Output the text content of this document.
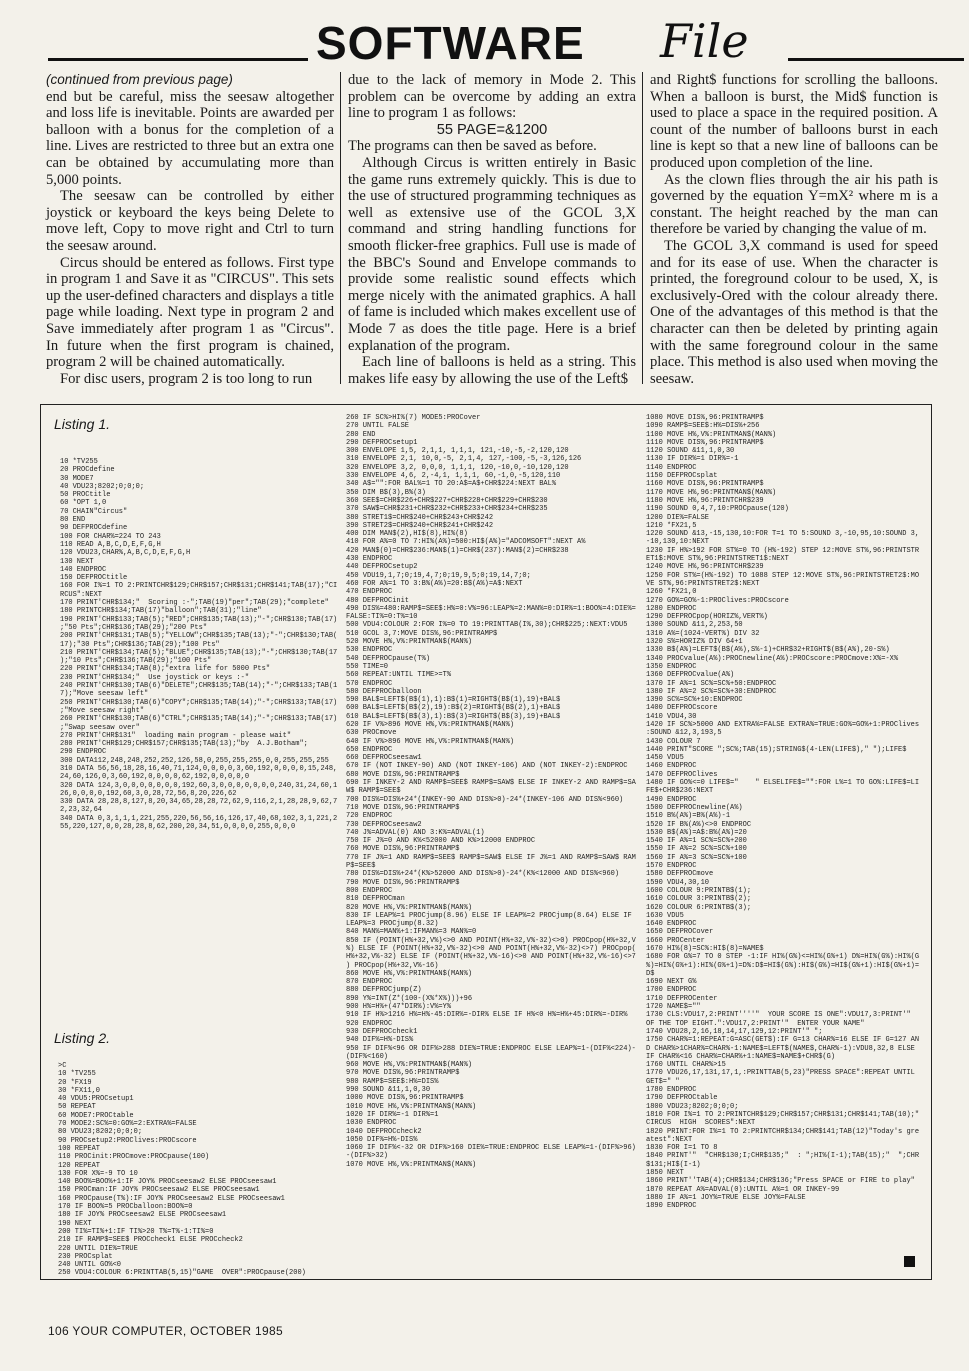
SOFTWARE File

(continued from previous page)

end but be careful, miss the seesaw altogether and loss life is inevitable. Points are awarded per balloon with a bonus for the completion of a line. Lives are restricted to three but an extra one can be obtained by accumulating more than 5,000 points.

The seesaw can be controlled by either joystick or keyboard the keys being Delete to move left, Copy to move right and Ctrl to turn the seesaw around.

Circus should be entered as follows. First type in program 1 and Save it as "CIRCUS". This sets up the user-defined characters and displays a title page while loading. Next type in program 2 and Save immediately after program 1 as "Circus". In future when the first program is chained, program 2 will be chained automatically.

For disc users, program 2 is too long to run

due to the lack of memory in Mode 2. This problem can be overcome by adding an extra line to program 1 as follows:

55 PAGE=&1200

The programs can then be saved as before.

Although Circus is written entirely in Basic the game runs extremely quickly. This is due to the use of structured programming techniques as well as extensive use of the GCOL 3,X command and string handling functions for smooth flicker-free graphics. Full use is made of the BBC's Sound and Envelope commands to provide some realistic sound effects which merge nicely with the animated graphics. A hall of fame is included which makes excellent use of Mode 7 as does the title page. Here is a brief explanation of the program.

Each line of balloons is held as a string. This makes life easy by allowing the use of the Left$

and Right$ functions for scrolling the balloons. When a balloon is burst, the Mid$ function is used to place a space in the required position. A count of the number of balloons burst in each line is kept so that a new line of balloons can be produced upon completion of the line.

As the clown flies through the air his path is governed by the equation Y=mX² where m is a constant. The height reached by the man can therefore be varied by changing the value of m.

The GCOL 3,X command is used for speed and for its ease of use. When the character is printed, the foreground colour to be used, X, is exclusively-Ored with the colour already there. One of the advantages of this method is that the character can then be deleted by printing again with the same foreground colour in the same place. This method is also used when moving the seesaw.

Listing 1.
10 *TV255
20 PROCdefine
30 MODE7
40 VDU23;8202;0;0;0;
50 PROCtitle
60 *OPT 1,0
70 CHAIN"Circus"
80 END
90 DEFPROCdefine
100 FOR CHAR%=224 TO 243
110 READ A,B,C,D,E,F,G,H
120 VDU23,CHAR%,A,B,C,D,E,F,G,H
130 NEXT
140 ENDPROC
150 DEFPROCtitle
160 FOR I%=1 TO 2:PRINTCHR$129;CHR$157;CHR$131;CHR$141;TAB(17);"CI
RCUS":NEXT
170 PRINT'CHR$134;"  Scoring :-";TAB(19)"per";TAB(29);"complete"
180 PRINTCHR$134;TAB(17)"balloon";TAB(31);"line"
190 PRINT'CHR$133;TAB(5);"RED";CHR$135;TAB(13);"-";CHR$130;TAB(17)
;"50 Pts";CHR$136;TAB(29);"200 Pts"
200 PRINT'CHR$131;TAB(5);"YELLOW";CHR$135;TAB(13);"-";CHR$130;TAB(
17);"30 Pts";CHR$136;TAB(29);"100 Pts"
210 PRINT'CHR$134;TAB(5);"BLUE";CHR$135;TAB(13);"-";CHR$130;TAB(17
);"10 Pts";CHR$136;TAB(29);"100 Pts"
220 PRINT'CHR$134;TAB(8);"extra life for 5000 Pts"
230 PRINT'CHR$134;"  Use joystick or keys :-"
240 PRINT'CHR$130;TAB(6)"DELETE";CHR$135;TAB(14);"-";CHR$133;TAB(1
7);"Move seesaw left"
250 PRINT'CHR$130;TAB(6)"COPY";CHR$135;TAB(14);"-";CHR$133;TAB(17)
;"Move seesaw right"
260 PRINT'CHR$130;TAB(6)"CTRL";CHR$135;TAB(14);"-";CHR$133;TAB(17)
;"Swap seesaw over"
270 PRINT'CHR$131"  loading main program - please wait"
280 PRINT'CHR$129;CHR$157;CHR$135;TAB(13);"by  A.J.Botham";
290 ENDPROC
300 DATA112,248,248,252,252,126,58,0,255,255,255,0,0,255,255,255
310 DATA 56,56,18,28,16,40,71,124,0,0,0,0,3,60,192,0,0,0,0,15,248,
24,60,126,0,3,60,192,0,0,0,0,62,192,0,0,0,0,0
320 DATA 124,3,0,0,0,0,0,0,0,192,60,3,0,0,0,0,0,0,0,240,31,24,60,1
26,0,0,0,0,192,60,3,0,28,72,56,8,20,226,62
330 DATA 28,28,8,127,8,20,34,65,28,28,72,62,9,116,2,1,28,28,9,62,7
2,23,32,64
340 DATA 0,3,1,1,1,221,255,220,56,56,16,126,17,40,68,102,3,1,221,2
55,220,127,0,0,28,28,8,62,200,20,34,51,0,0,0,0,255,0,0,0
Listing 2.
>C
10 *TV255
20 *FX19
30 *FX11,0
40 VDU5:PROCsetup1
50 REPEAT
60 MODE7:PROCtable
70 MODE2:SC%=0:GO%=2:EXTRA%=FALSE
80 VDU23;8202;0;0;0;
90 PROCsetup2:PROClives:PROCscore
100 REPEAT
110 PROCinit:PROCmove:PROCpause(100)
120 REPEAT
130 FOR X%=-9 TO 10
140 BOO%=BOO%+1:IF JOY% PROCseesaw2 ELSE PROCseesaw1
150 PROCman:IF JOY% PROCseesaw2 ELSE PROCseesaw1
160 PROCpause(T%):IF JOY% PROCseesaw2 ELSE PROCseesaw1
170 IF BOO%=5 PROCballoon:BOO%=0
180 IF JOY% PROCseesaw2 ELSE PROCseesaw1
190 NEXT
200 TI%=TI%+1:IF TI%>20 T%=T%-1:TI%=0
210 IF RAMP$=SEE$ PROCcheck1 ELSE PROCcheck2
220 UNTIL DIE%=TRUE
230 PROCsplat
240 UNTIL GO%<0
250 VDU4:COLOUR 6:PRINTTAB(5,15)"GAME  OVER":PROCpause(200)
260 IF SC%>HI%(7) MODE5:PROCover
270 UNTIL FALSE
280 END
290 DEFPROCsetup1
300 ENVELOPE 1,5, 2,1,1, 1,1,1, 121,-10,-5,-2,120,120
310 ENVELOPE 2,1, 10,0,-5, 2,1,4, 127,-100,-5,-3,126,126
320 ENVELOPE 3,2, 0,0,0, 1,1,1, 120,-10,0,-10,120,120
330 ENVELOPE 4,6, 2,-4,1, 1,1,1, 60,-1,0,-5,120,110
340 A$="":FOR BAL%=1 TO 20:A$=A$+CHR$224:NEXT BAL%
350 DIM B$(3),B%(3)
360 SEE$=CHR$226+CHR$227+CHR$228+CHR$229+CHR$230
370 SAW$=CHR$231+CHR$232+CHR$233+CHR$234+CHR$235
380 STRET1$=CHR$240+CHR$243+CHR$242
390 STRET2$=CHR$240+CHR$241+CHR$242
400 DIM MAN$(2),HI$(8),HI%(8)
410 FOR A%=0 TO 7:HI%(A%)=500:HI$(A%)="ADCOMSOFT":NEXT A%
420 MAN$(0)=CHR$236:MAN$(1)=CHR$(237):MAN$(2)=CHR$238
430 ENDPROC
440 DEFPROCsetup2
450 VDU19,1,7;0;19,4,7;0;19,9,5;0;19,14,7;0;
460 FOR A%=1 TO 3:B%(A%)=20:B$(A%)=A$:NEXT
470 ENDPROC
480 DEFPROCinit
490 DIS%=480:RAMP$=SEE$:H%=0:V%=96:LEAP%=2:MAN%=0:DIR%=1:BOO%=4:DIE%=
FALSE:TI%=0:T%=10
500 VDU4:COLOUR 2:FOR I%=0 TO 19:PRINTTAB(I%,30);CHR$225;:NEXT:VDU5
510 GCOL 3,7:MOVE DIS%,96:PRINTRAMP$
520 MOVE H%,V%:PRINTMAN$(MAN%)
530 ENDPROC
540 DEFPROCpause(T%)
550 TIME=0
560 REPEAT:UNTIL TIME>=T%
570 ENDPROC
580 DEFPROCballoon
590 BAL$=LEFT$(B$(1),1):B$(1)=RIGHT$(B$(1),19)+BAL$
600 BAL$=LEFT$(B$(2),19):B$(2)=RIGHT$(B$(2),1)+BAL$
610 BAL$=LEFT$(B$(3),1):B$(3)=RIGHT$(B$(3),19)+BAL$
620 IF V%>896 MOVE H%,V%:PRINTMAN$(MAN%)
630 PROCmove
640 IF V%>896 MOVE H%,V%:PRINTMAN$(MAN%)
650 ENDPROC
660 DEFPROCseesaw1
670 IF (NOT INKEY-90) AND (NOT INKEY-106) AND (NOT INKEY-2):ENDPROC
680 MOVE DIS%,96:PRINTRAMP$
690 IF INKEY-2 AND RAMP$=SEE$ RAMP$=SAW$ ELSE IF INKEY-2 AND RAMP$=SA
W$ RAMP$=SEE$
700 DIS%=DIS%+24*(INKEY-90 AND DIS%>0)-24*(INKEY-106 AND DIS%<960)
710 MOVE DIS%,96:PRINTRAMP$
720 ENDPROC
730 DEFPROCseesaw2
740 J%=ADVAL(0) AND 3:K%=ADVAL(1)
750 IF J%=0 AND K%<52000 AND K%>12000 ENDPROC
760 MOVE DIS%,96:PRINTRAMP$
770 IF J%=1 AND RAMP$=SEE$ RAMP$=SAW$ ELSE IF J%=1 AND RAMP$=SAW$ RAM
P$=SEE$
780 DIS%=DIS%+24*(K%>52000 AND DIS%>0)-24*(K%<12000 AND DIS%<960)
790 MOVE DIS%,96:PRINTRAMP$
800 ENDPROC
810 DEFPROCman
820 MOVE H%,V%:PRINTMAN$(MAN%)
830 IF LEAP%=1 PROCjump(8.96) ELSE IF LEAP%=2 PROCjump(8.64) ELSE IF
LEAP%=3 PROCjump(8.32)
840 MAN%=MAN%+1:IFMAN%=3 MAN%=0
850 IF (POINT(H%+32,V%)<>0 AND POINT(H%+32,V%-32)<>0) PROCpop(H%+32,V
%) ELSE IF (POINT(H%+32,V%-32)<>0 AND POINT(H%+32,V%-32)<>7) PROCpop(
H%+32,V%-32) ELSE IF (POINT(H%+32,V%-16)<>0 AND POINT(H%+32,V%-16)<>7
) PROCpop(H%+32,V%-16)
860 MOVE H%,V%:PRINTMAN$(MAN%)
870 ENDPROC
880 DEFPROCjump(Z)
890 Y%=INT(Z*(100-(X%*X%)))+96
900 H%=H%+(47*DIR%):V%=Y%
910 IF H%>1216 H%=H%-45:DIR%=-DIR% ELSE IF H%<0 H%=H%+45:DIR%=-DIR%
920 ENDPROC
930 DEFPROCcheck1
940 DIF%=H%-DIS%
950 IF DIF%<96 OR DIF%>288 DIE%=TRUE:ENDPROC ELSE LEAP%=1-(DIF%<224)-
(DIF%<160)
960 MOVE H%,V%:PRINTMAN$(MAN%)
970 MOVE DIS%,96:PRINTRAMP$
980 RAMP$=SEE$:H%=DIS%
990 SOUND &11,1,0,30
1000 MOVE DIS%,96:PRINTRAMP$
1010 MOVE H%,V%:PRINTMAN$(MAN%)
1020 IF DIR%=-1 DIR%=1
1030 ENDPROC
1040 DEFPROCcheck2
1050 DIF%=H%-DIS%
1060 IF DIF%<-32 OR DIF%>160 DIE%=TRUE:ENDPROC ELSE LEAP%=1-(DIF%>96)
-(DIF%>32)
1070 MOVE H%,V%:PRINTMAN$(MAN%)
1080 MOVE DIS%,96:PRINTRAMP$
1090 RAMP$=SEE$:H%=DIS%+256
1100 MOVE H%,V%:PRINTMAN$(MAN%)
1110 MOVE DIS%,96:PRINTRAMP$
1120 SOUND &11,1,0,30
1130 IF DIR%=1 DIR%=-1
1140 ENDPROC
1150 DEFPROCsplat
1160 MOVE DIS%,96:PRINTRAMP$
1170 MOVE H%,96:PRINTMAN$(MAN%)
1180 MOVE H%,96:PRINTCHR$239
1190 SOUND 0,4,7,10:PROCpause(120)
1200 DIE%=FALSE
1210 *FX21,5
1220 SOUND &13,-15,130,10:FOR T=1 TO 5:SOUND 3,-10,95,10:SOUND 3,
-10,130,10:NEXT
1230 IF H%>192 FOR ST%=0 TO (H%-192) STEP 12:MOVE ST%,96:PRINTSTR
ET1$:MOVE ST%,96:PRINTSTRET1$:NEXT
1240 MOVE H%,96:PRINTCHR$239
1250 FOR ST%=(H%-192) TO 1088 STEP 12:MOVE ST%,96:PRINTSTRET2$:MO
VE ST%,96:PRINTSTRET2$:NEXT
1260 *FX21,0
1270 GO%=GO%-1:PROClives:PROCscore
1280 ENDPROC
1290 DEFPROCpop(HORIZ%,VERT%)
1300 SOUND &11,2,253,50
1310 A%=(1024-VERT%) DIV 32
1320 S%=HORIZ% DIV 64+1
1330 B$(A%)=LEFT$(B$(A%),S%-1)+CHR$32+RIGHT$(B$(A%),20-S%)
1340 PROCvalue(A%):PROCnewline(A%):PROCscore:PROCmove:X%=-X%
1350 ENDPROC
1360 DEFPROCvalue(A%)
1370 IF A%=1 SC%=SC%+50:ENDPROC
1380 IF A%=2 SC%=SC%+30:ENDPROC
1390 SC%=SC%+10:ENDPROC
1400 DEFPROCscore
1410 VDU4,30
1420 IF SC%>5000 AND EXTRA%=FALSE EXTRA%=TRUE:GO%=GO%+1:PROClives
:SOUND &12,3,193,5
1430 COLOUR 7
1440 PRINT"SCORE ";SC%;TAB(15);STRING$(4-LEN(LIFE$)," ");LIFE$
1450 VDU5
1460 ENDPROC
1470 DEFPROClives
1480 IF GO%<=0 LIFE$="    " ELSELIFE$="":FOR L%=1 TO GO%:LIFE$=LI
FE$+CHR$236:NEXT
1490 ENDPROC
1500 DEFPROCnewline(A%)
1510 B%(A%)=B%(A%)-1
1520 IF B%(A%)<>0 ENDPROC
1530 B$(A%)=A$:B%(A%)=20
1540 IF A%=1 SC%=SC%+200
1550 IF A%=2 SC%=SC%+100
1560 IF A%=3 SC%=SC%+100
1570 ENDPROC
1580 DEFPROCmove
1590 VDU4,30,10
1600 COLOUR 9:PRINTB$(1);
1610 COLOUR 3:PRINTB$(2);
1620 COLOUR 6:PRINTB$(3);
1630 VDU5
1640 ENDPROC
1650 DEFPROCover
1660 PROCenter
1670 HI%(8)=SC%:HI$(8)=NAME$
1680 FOR G%=7 TO 0 STEP -1:IF HI%(G%)<=HI%(G%+1) D%=HI%(G%):HI%(G
%)=HI%(G%+1):HI%(G%+1)=D%:D$=HI$(G%):HI$(G%)=HI$(G%+1):HI$(G%+1)=
D$
1690 NEXT G%
1700 ENDPROC
1710 DEFPROCenter
1720 NAME$=""
1730 CLS:VDU17,2:PRINT''''"  YOUR SCORE IS ONE":VDU17,3:PRINT'"
OF THE TOP EIGHT.":VDU17,2:PRINT'"  ENTER YOUR NAME"
1740 VDU28,2,16,18,14,17,129,12:PRINT'" ";
1750 CHAR%=1:REPEAT:G=ASC(GET$):IF G=13 CHAR%=16 ELSE IF G=127 AN
D CHAR%>1CHAR%=CHAR%-1:NAME$=LEFT$(NAME$,CHAR%-1):VDU8,32,8 ELSE
IF CHAR%<16 CHAR%=CHAR%+1:NAME$=NAME$+CHR$(G)
1760 UNTIL CHAR%>15
1770 VDU26,17,131,17,1,:PRINTTAB(5,23)"PRESS SPACE":REPEAT UNTIL
GET$=" "
1780 ENDPROC
1790 DEFPROCtable
1800 VDU23;8202;0;0;0;
1810 FOR I%=1 TO 2:PRINTCHR$129;CHR$157;CHR$131;CHR$141;TAB(10);"
CIRCUS  HIGH  SCORES":NEXT
1820 PRINT:FOR I%=1 TO 2:PRINTCHR$134;CHR$141;TAB(12)"Today's gre
atest":NEXT
1830 FOR I=1 TO 8
1840 PRINT'"  "CHR$130;I;CHR$135;"  : ";HI%(I-1);TAB(15);"  ";CHR
$131;HI$(I-1)
1850 NEXT
1860 PRINT''TAB(4);CHR$134;CHR$136;"Press SPACE or FIRE to play"
1870 REPEAT A%=ADVAL(0):UNTIL A%=1 OR INKEY-99
1880 IF A%=1 JOY%=TRUE ELSE JOY%=FALSE
1890 ENDPROC
106 YOUR COMPUTER, OCTOBER 1985
